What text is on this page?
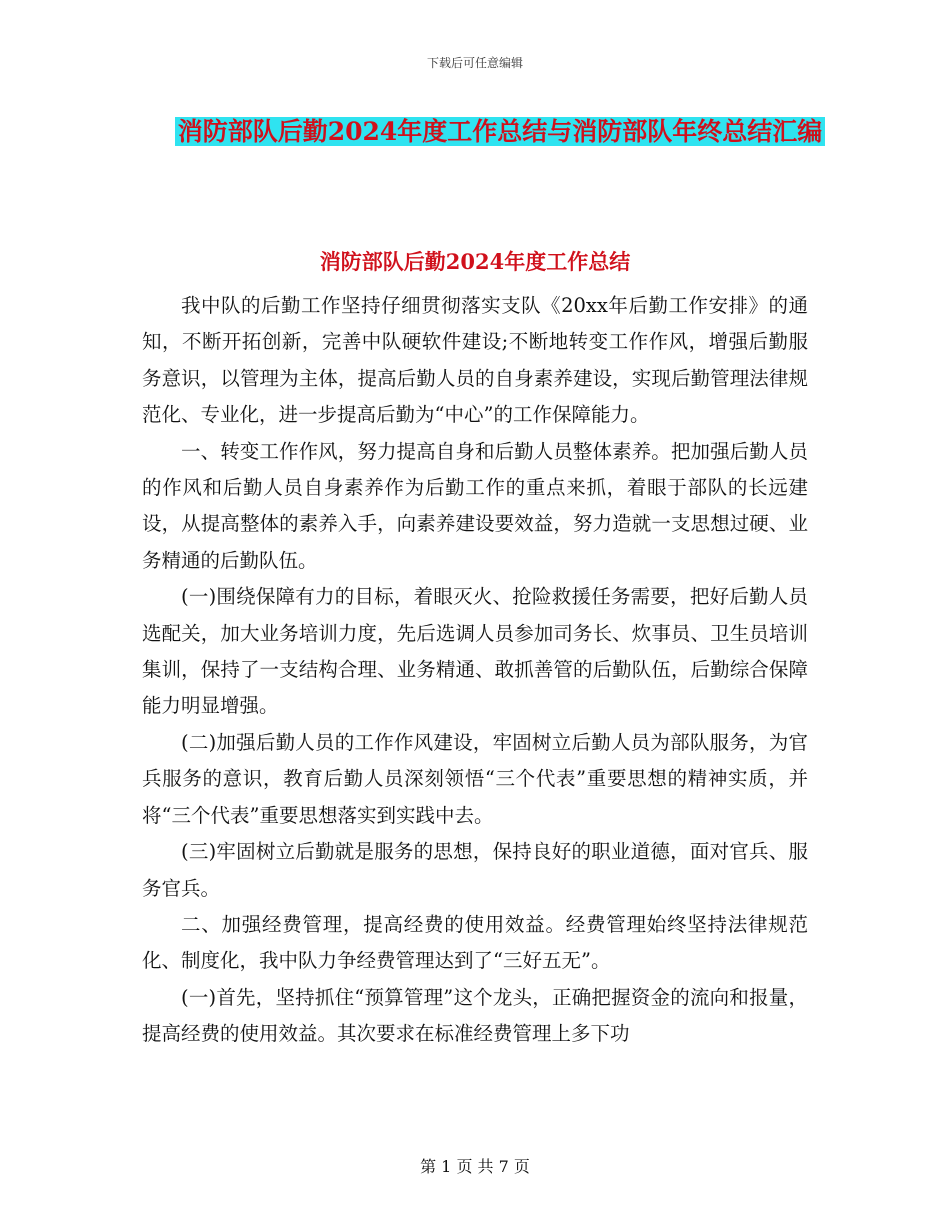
下载后可任意编辑
消防部队后勤2024年度工作总结与消防部队年终总结汇编
消防部队后勤2024年度工作总结

我中队的后勤工作坚持仔细贯彻落实支队《20xx年后勤工作安排》的通知，不断开拓创新，完善中队硬软件建设;不断地转变工作作风，增强后勤服务意识，以管理为主体，提高后勤人员的自身素养建设，实现后勤管理法律规范化、专业化，进一步提高后勤为“中心”的工作保障能力。

一、转变工作作风，努力提高自身和后勤人员整体素养。把加强后勤人员的作风和后勤人员自身素养作为后勤工作的重点来抓，着眼于部队的长远建设，从提高整体的素养入手，向素养建设要效益，努力造就一支思想过硬、业务精通的后勤队伍。

(一)围绕保障有力的目标，着眼灭火、抢险救援任务需要，把好后勤人员选配关，加大业务培训力度，先后选调人员参加司务长、炊事员、卫生员培训集训，保持了一支结构合理、业务精通、敢抓善管的后勤队伍，后勤综合保障能力明显增强。

(二)加强后勤人员的工作作风建设，牢固树立后勤人员为部队服务，为官兵服务的意识，教育后勤人员深刻领悟“三个代表”重要思想的精神实质，并将“三个代表”重要思想落实到实践中去。

(三)牢固树立后勤就是服务的思想，保持良好的职业道德，面对官兵、服务官兵。

二、加强经费管理，提高经费的使用效益。经费管理始终坚持法律规范化、制度化，我中队力争经费管理达到了“三好五无”。

(一)首先，坚持抓住“预算管理”这个龙头，正确把握资金的流向和报量，提高经费的使用效益。其次要求在标准经费管理上多下功

第 1 页 共 7 页
